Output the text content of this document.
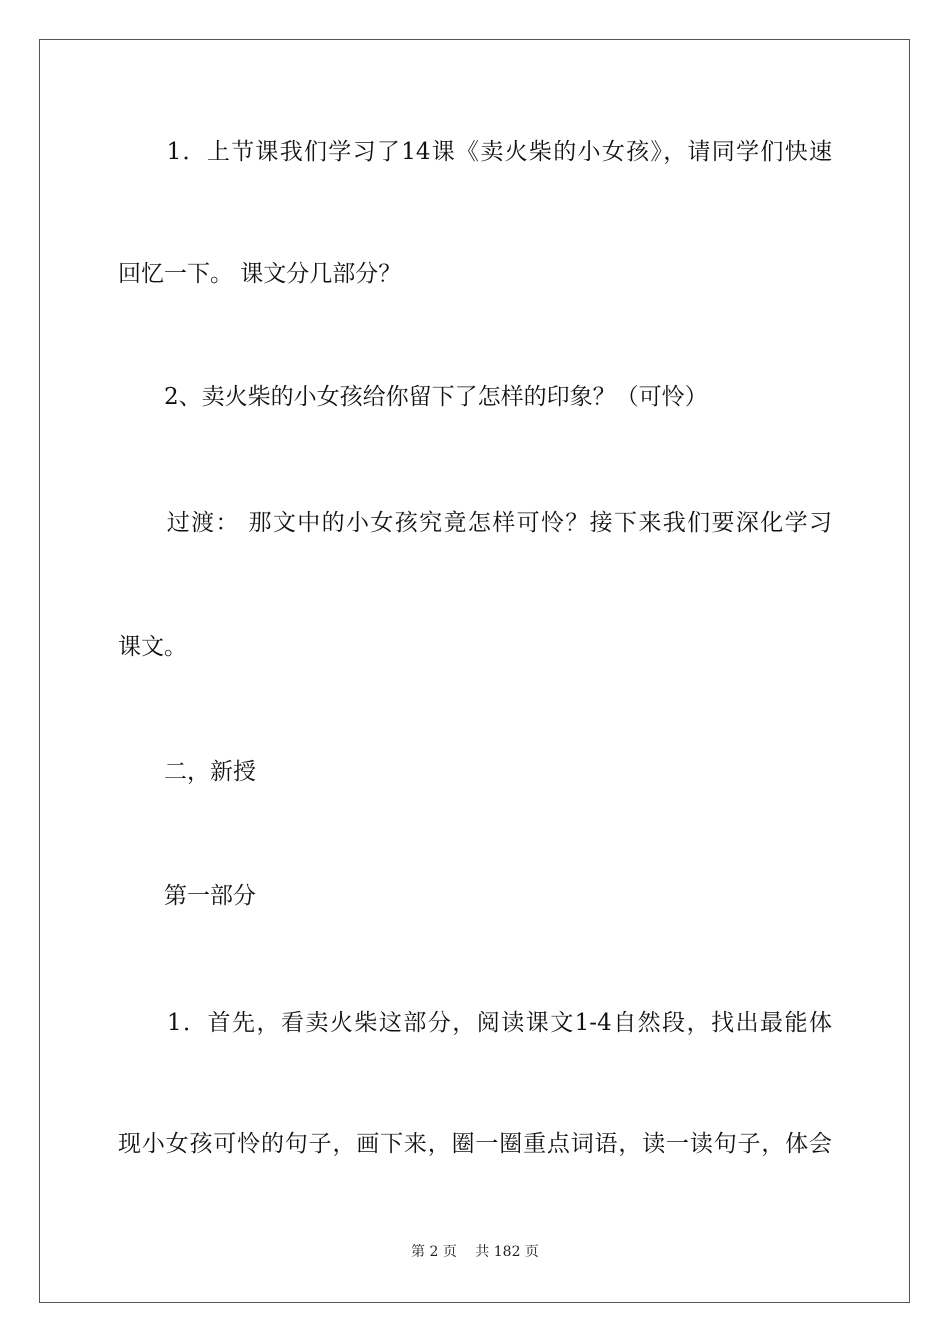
　　1．上节课我们学习了14课《卖火柴的小女孩》，请同学们快速

回忆一下。 课文分几部分？

　　2、卖火柴的小女孩给你留下了怎样的印象？（可怜）

　　过渡： 那文中的小女孩究竟怎样可怜？接下来我们要深化学习

课文。

　　二，新授

　　第一部分

　　1．首先，看卖火柴这部分，阅读课文1-4自然段，找出最能体

现小女孩可怜的句子，画下来，圈一圈重点词语，读一读句子，体会

第 2 页　 共 182 页
